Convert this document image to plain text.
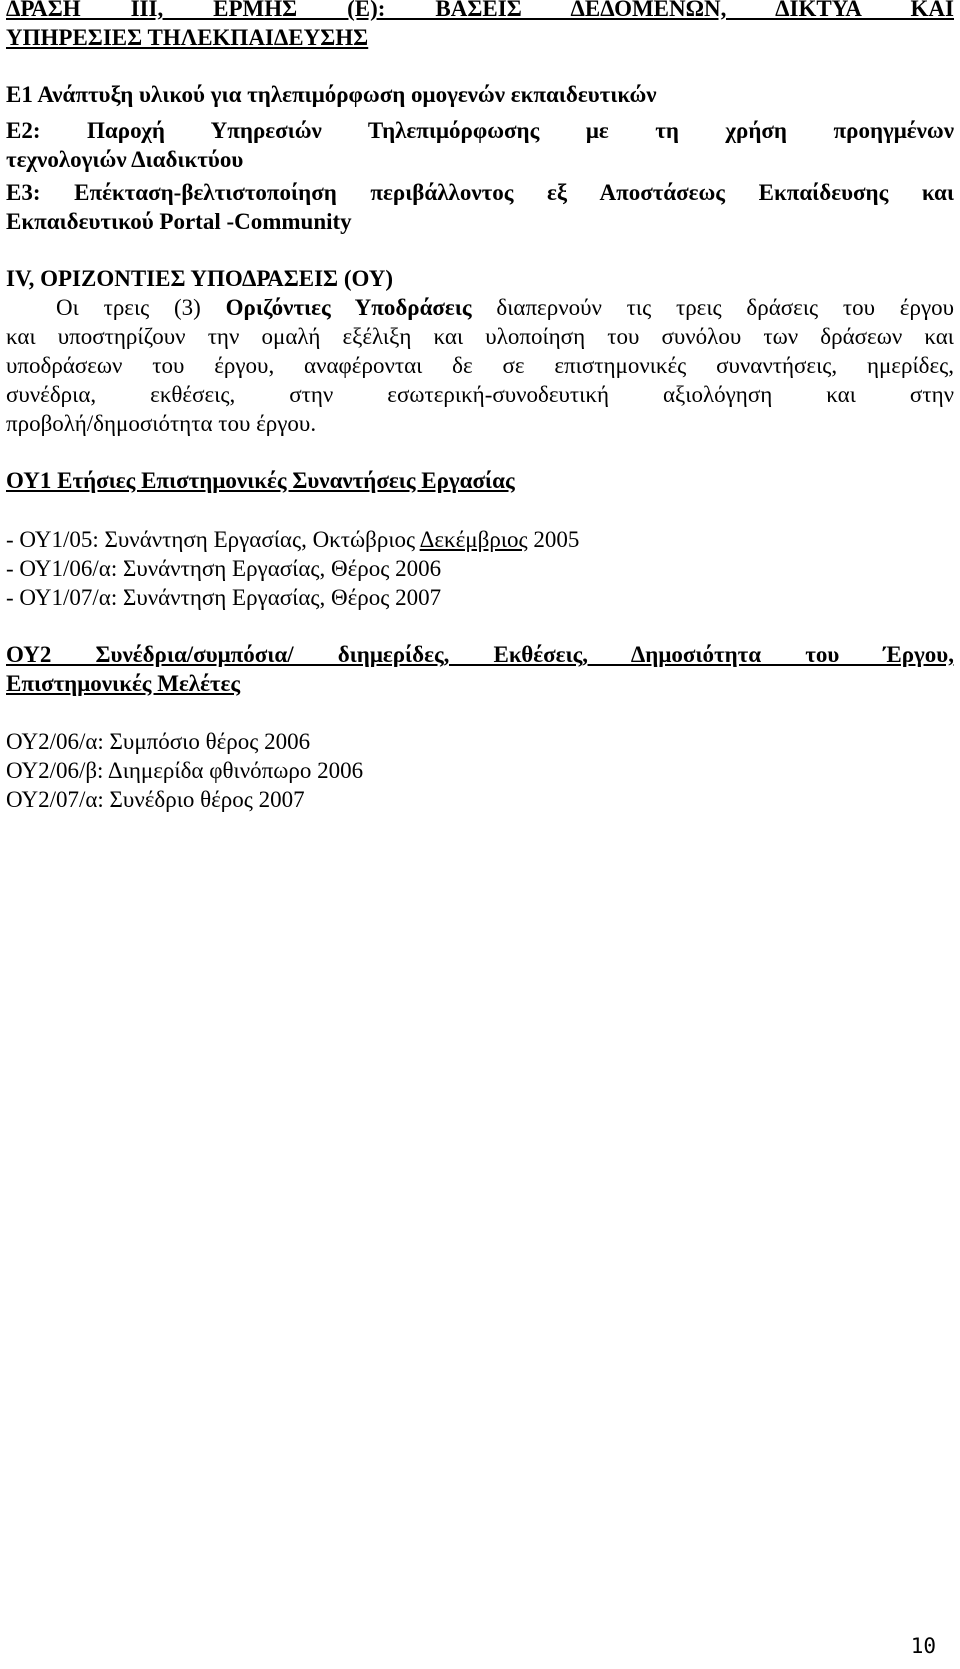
ΔΡΑΣΗ ΙΙΙ, ΕΡΜΗΣ (Ε): ΒΑΣΕΙΣ ΔΕΔΟΜΕΝΩΝ, ΔΙΚΤΥΑ ΚΑΙ
ΥΠΗΡΕΣΙΕΣ ΤΗΛΕΚΠΑΙΔΕΥΣΗΣ
Ε1 Ανάπτυξη υλικού για τηλεπιμόρφωση ομογενών εκπαιδευτικών
Ε2: Παροχή Υπηρεσιών Τηλεπιμόρφωσης με τη χρήση προηγμένων
τεχνολογιών Διαδικτύου
Ε3: Επέκταση-βελτιστοποίηση περιβάλλοντος εξ Αποστάσεως Εκπαίδευσης και
Εκπαιδευτικού Portal -Community
IV, ΟΡΙΖΟΝΤΙΕΣ ΥΠΟΔΡΑΣΕΙΣ (ΟΥ)
Οι τρεις (3) Οριζόντιες Υποδράσεις διαπερνούν τις τρεις δράσεις του έργου
και υποστηρίζουν την ομαλή εξέλιξη και υλοποίηση του συνόλου των δράσεων και
υποδράσεων του έργου, αναφέρονται δε σε επιστημονικές συναντήσεις, ημερίδες,
συνέδρια, εκθέσεις, στην εσωτερική-συνοδευτική αξιολόγηση και στην
προβολή/δημοσιότητα του έργου.
ΟΥ1 Ετήσιες Επιστημονικές Συναντήσεις Εργασίας
- ΟΥ1/05: Συνάντηση Εργασίας, Οκτώβριος Δεκέμβριος 2005
- ΟΥ1/06/α: Συνάντηση Εργασίας, Θέρος 2006
- ΟΥ1/07/α: Συνάντηση Εργασίας, Θέρος 2007
ΟΥ2 Συνέδρια/συμπόσια/ διημερίδες, Εκθέσεις, Δημοσιότητα του Έργου,
Επιστημονικές Μελέτες
ΟΥ2/06/α: Συμπόσιο θέρος 2006
ΟΥ2/06/β: Διημερίδα φθινόπωρο 2006
ΟΥ2/07/α: Συνέδριο θέρος 2007
10
